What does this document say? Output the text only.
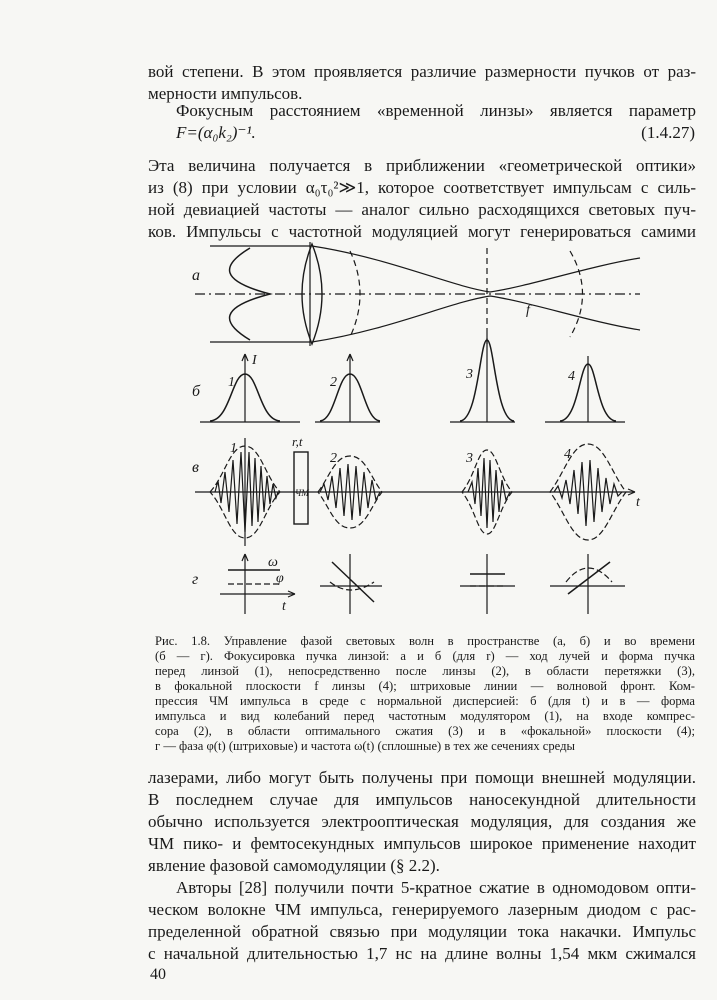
вой степени. В этом проявляется различие размерности пучков от раз-
мерности импульсов.
Фокусным расстоянием «временной линзы» является параметр
F=(α₀k₂)⁻¹.	(1.4.27)
Эта величина получается в приближении «геометрической оптики»
из (8) при условии α₀τ₀²≫1, которое соответствует импульсам с силь-
ной девиацией частоты — аналог сильно расходящихся световых пуч-
ков. Импульсы с частотной модуляцией могут генерироваться самими
а
б
в
г
f
I
1	2
3	4
1
2	3	4
r,t
ЧМ
t
ω
φ
t
Рис. 1.8. Управление фазой световых волн в пространстве (а, б) и во времени
(б — г). Фокусировка пучка линзой: а и б (для r) — ход лучей и форма пучка
перед линзой (1), непосредственно после линзы (2), в области перетяжки (3),
в фокальной плоскости f линзы (4); штриховые линии — волновой фронт. Ком-
прессия ЧМ импульса в среде с нормальной дисперсией: б (для t) и в — форма
импульса и вид колебаний перед частотным модулятором (1), на входе компрес-
сора (2), в области оптимального сжатия (3) и в «фокальной» плоскости (4);
г — фаза φ(t) (штриховые) и частота ω(t) (сплошные) в тех же сечениях среды
лазерами, либо могут быть получены при помощи внешней модуляции.
В последнем случае для импульсов наносекундной длительности
обычно используется электрооптическая модуляция, для создания же
ЧМ пико- и фемтосекундных импульсов широкое применение находит
явление фазовой самомодуляции (§ 2.2).
Авторы [28] получили почти 5-кратное сжатие в одномодовом опти-
ческом волокне ЧМ импульса, генерируемого лазерным диодом с рас-
пределенной обратной связью при модуляции тока накачки. Импульс
с начальной длительностью 1,7 нс на длине волны 1,54 мкм сжимался
40
